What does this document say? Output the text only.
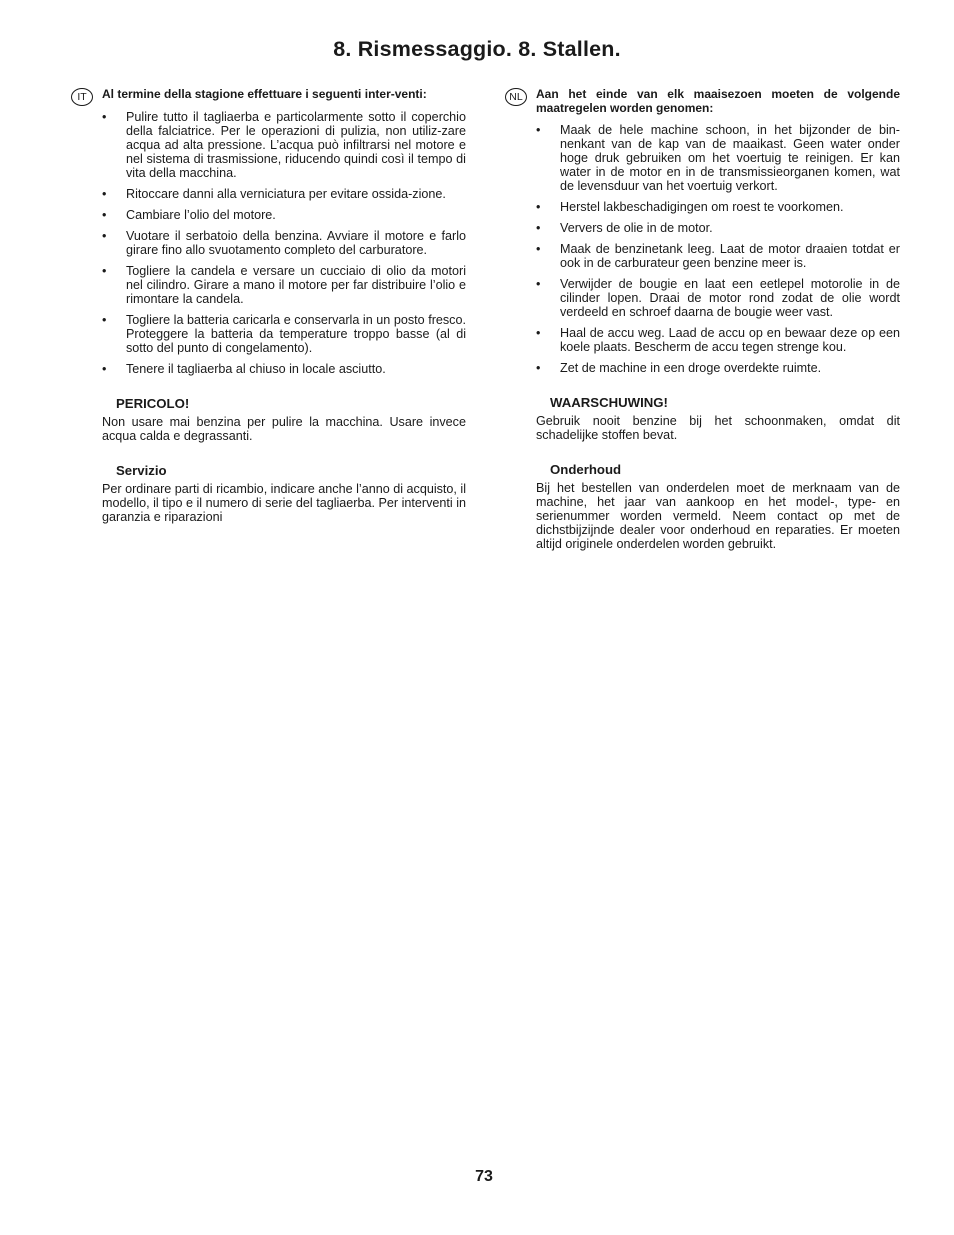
8. Rismessaggio. 8. Stallen.
IT	Al termine della stagione effettuare i seguenti inter-venti:

• Pulire tutto il tagliaerba e particolarmente sotto il coperchio della falciatrice. Per le operazioni di pulizia, non utiliz-zare acqua ad alta pressione. L’acqua può infiltrarsi nel motore e nel sistema di trasmissione, riducendo quindi così il tempo di vita della macchina.
• Ritoccare danni alla verniciatura per evitare ossida-zione.
• Cambiare l’olio del motore.
• Vuotare il serbatoio della benzina. Avviare il motore e farlo girare fino allo svuotamento completo del carburatore.
• Togliere la candela e versare un cucciaio di olio da motori nel cilindro. Girare a mano il motore per far distribuire l’olio e rimontare la candela.
• Togliere la batteria caricarla e conservarla in un posto fresco. Proteggere la batteria da temperature troppo basse (al di sotto del punto di congelamento).
• Tenere il tagliaerba al chiuso in locale asciutto.
PERICOLO!

Non usare mai benzina per pulire la macchina. Usare invece acqua calda e degrassanti.

Servizio

Per ordinare parti di ricambio, indicare anche l’anno di acquisto, il modello, il tipo e il numero di serie del tagliaerba. Per interventi in garanzia e riparazioni

NL	Aan het einde van elk maaisezoen moeten de volgende maatregelen worden genomen:

• Maak de hele machine schoon, in het bijzonder de bin-nenkant van de kap van de maaikast. Geen water onder hoge druk gebruiken om het voertuig te reinigen. Er kan water in de motor en in de transmissieorganen komen, wat de levensduur van het voertuig verkort.
• Herstel lakbeschadigingen om roest te voorkomen.
• Ververs de olie in de motor.
• Maak de benzinetank leeg. Laat de motor draaien totdat er ook in de carburateur geen benzine meer is.
• Verwijder de bougie en laat een eetlepel motorolie in de cilinder lopen. Draai de motor rond zodat de olie wordt verdeeld en schroef daarna de bougie weer vast.
• Haal de accu weg. Laad de accu op en bewaar deze op een koele plaats. Bescherm de accu tegen strenge kou.
• Zet de machine in een droge overdekte ruimte.
WAARSCHUWING!

Gebruik nooit benzine bij het schoonmaken, omdat dit schadelijke stoffen bevat.

Onderhoud

Bij het bestellen van onderdelen moet de merknaam van de machine, het jaar van aankoop en het model-, type- en serienummer worden vermeld. Neem contact op met de dichstbijzijnde dealer voor onderhoud en reparaties. Er moeten altijd originele onderdelen worden gebruikt.

73
